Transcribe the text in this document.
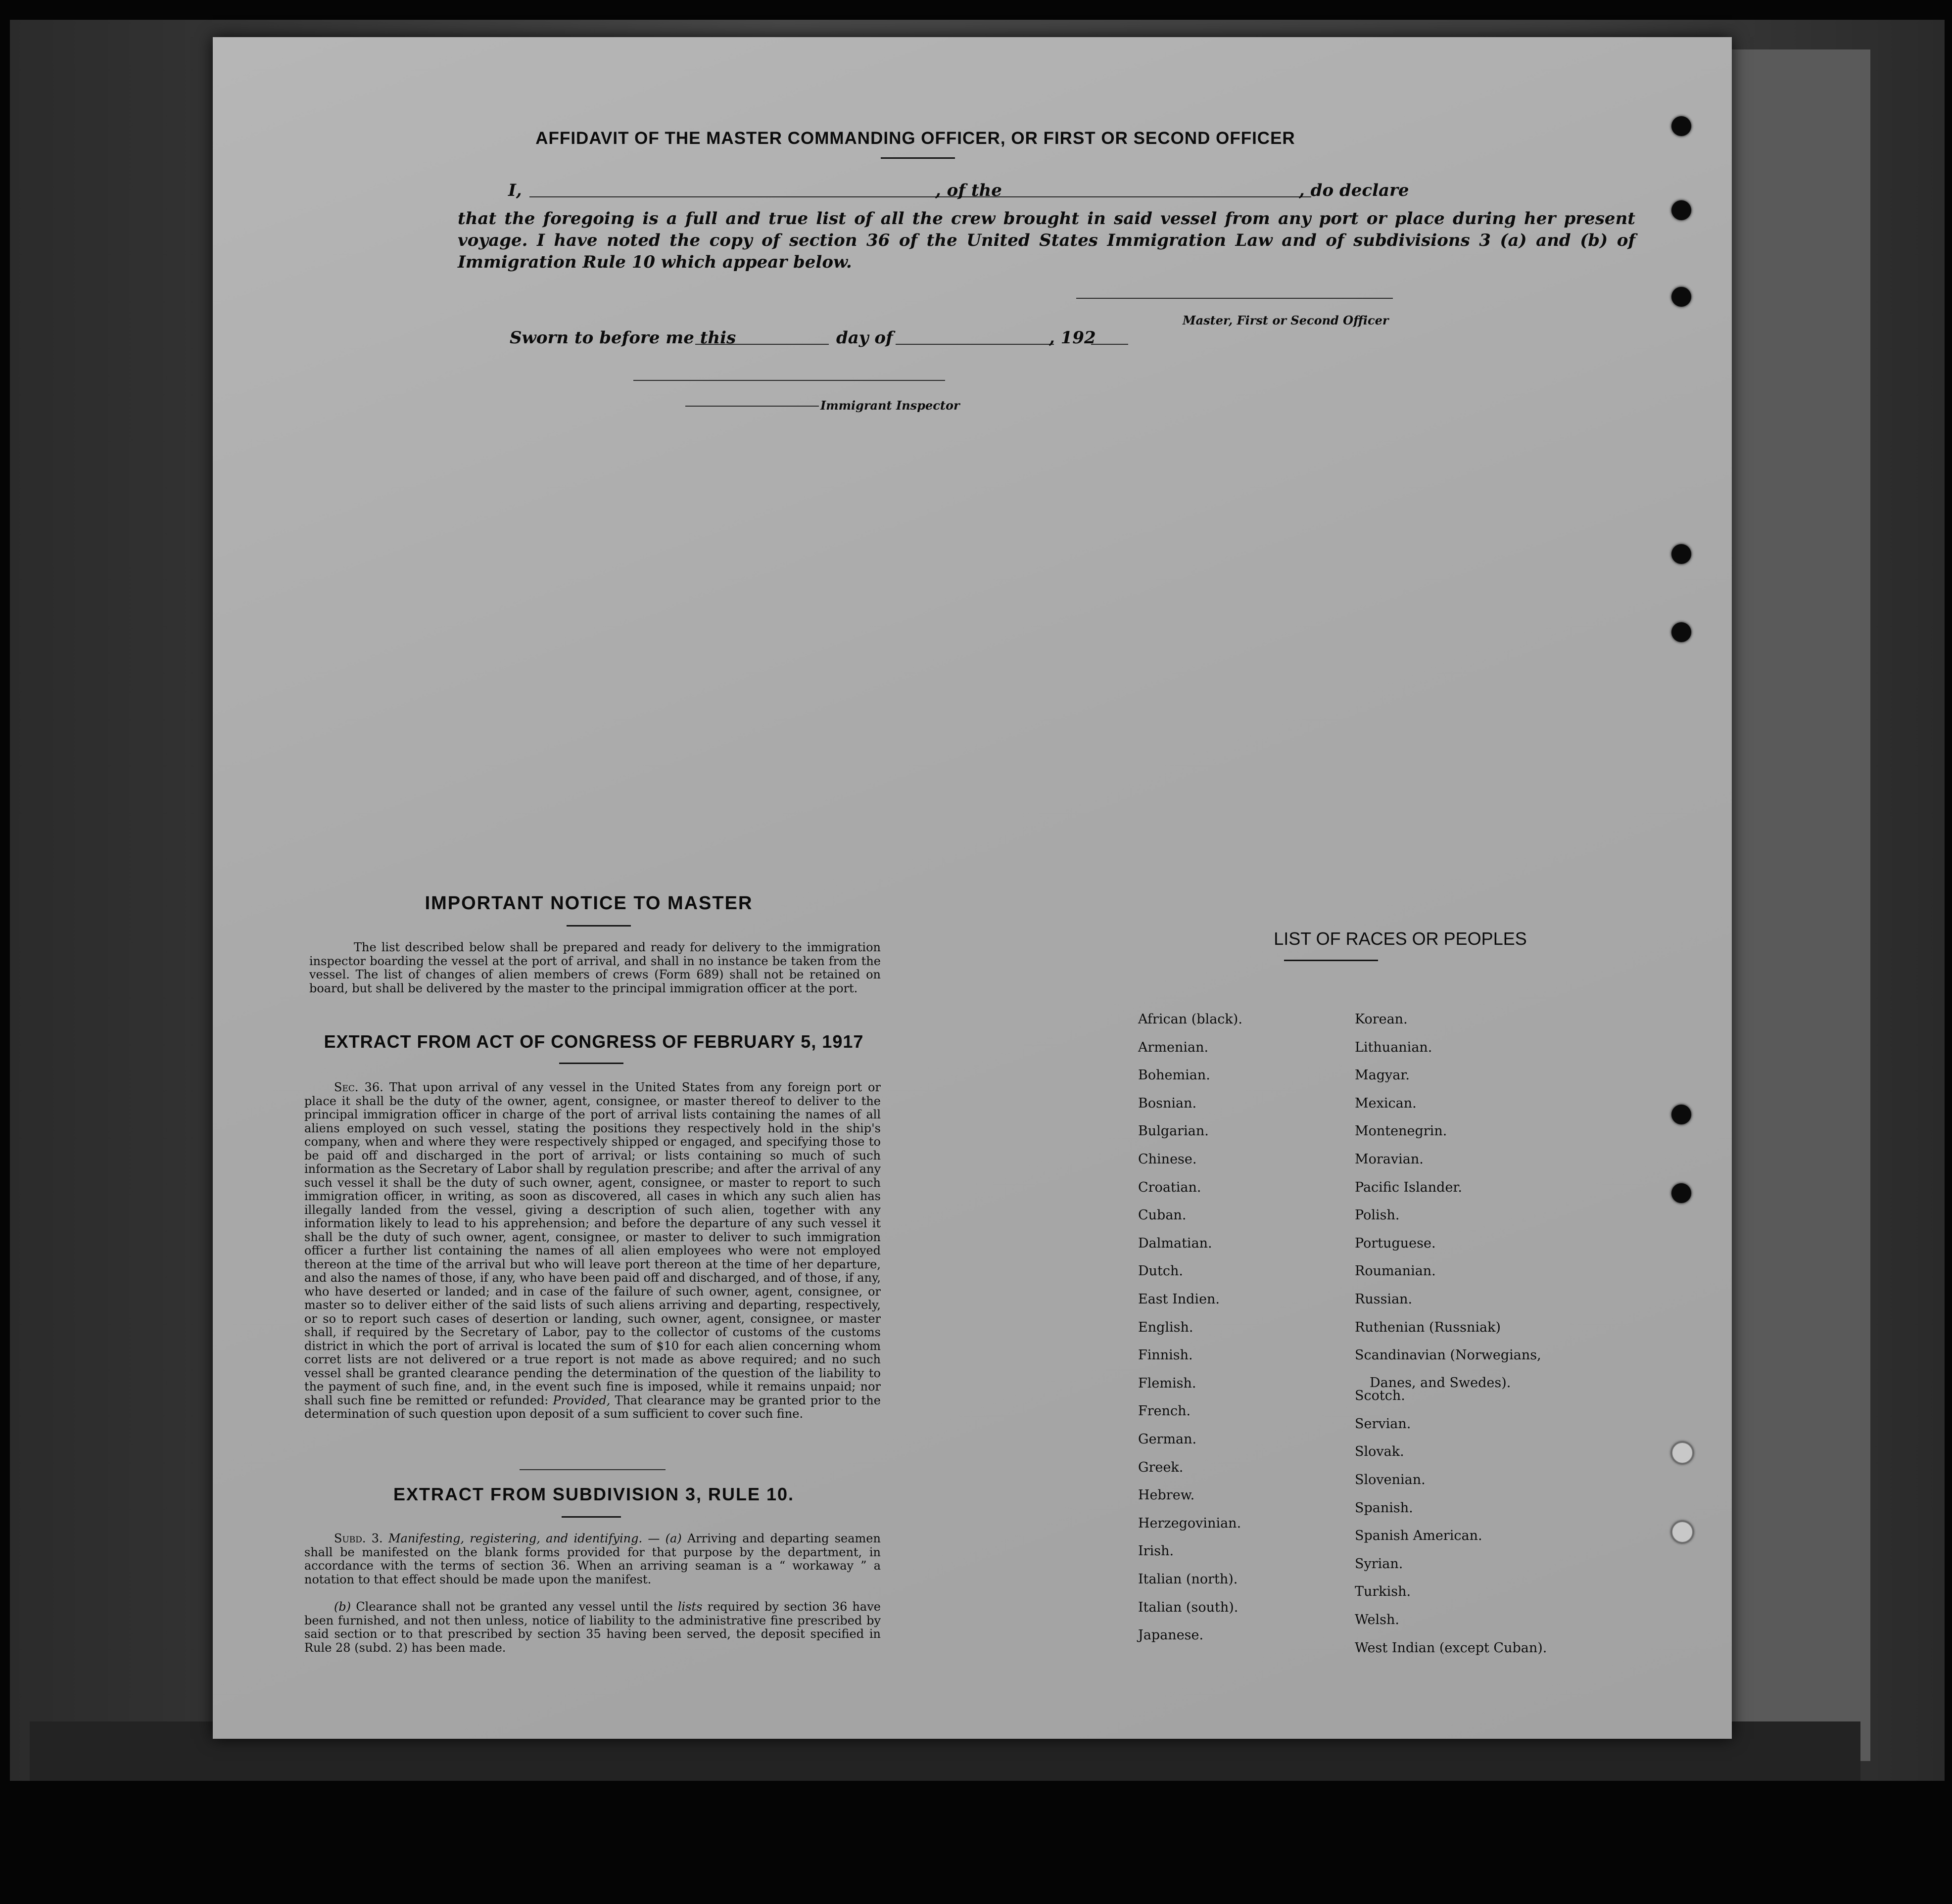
AFFIDAVIT OF THE MASTER COMMANDING OFFICER, OR FIRST OR SECOND OFFICER
I,	, of the	, do declare
that the foregoing is a full and true list of all the crew brought in said vessel from any port or place during her present voyage. I have noted the copy of section 36 of the United States Immigration Law and of subdivisions 3 (a) and (b) of Immigration Rule 10 which appear below.
Master, First or Second Officer
Sworn to before me this	day of	, 192
Immigrant Inspector
IMPORTANT NOTICE TO MASTER
The list described below shall be prepared and ready for delivery to the immigration inspector boarding the vessel at the port of arrival, and shall in no instance be taken from the vessel. The list of changes of alien members of crews (Form 689) shall not be retained on board, but shall be delivered by the master to the principal immigration officer at the port.
EXTRACT FROM ACT OF CONGRESS OF FEBRUARY 5, 1917
Sec. 36. That upon arrival of any vessel in the United States from any foreign port or place it shall be the duty of the owner, agent, consignee, or master thereof to deliver to the principal immigration officer in charge of the port of arrival lists containing the names of all aliens employed on such vessel, stating the positions they respectively hold in the ship's company, when and where they were respectively shipped or engaged, and specifying those to be paid off and discharged in the port of arrival; or lists containing so much of such information as the Secretary of Labor shall by regulation prescribe; and after the arrival of any such vessel it shall be the duty of such owner, agent, consignee, or master to report to such immigration officer, in writing, as soon as discovered, all cases in which any such alien has illegally landed from the vessel, giving a description of such alien, together with any information likely to lead to his apprehension; and before the departure of any such vessel it shall be the duty of such owner, agent, consignee, or master to deliver to such immigration officer a further list containing the names of all alien employees who were not employed thereon at the time of the arrival but who will leave port thereon at the time of her departure, and also the names of those, if any, who have been paid off and discharged, and of those, if any, who have deserted or landed; and in case of the failure of such owner, agent, consignee, or master so to deliver either of the said lists of such aliens arriving and departing, respectively, or so to report such cases of desertion or landing, such owner, agent, consignee, or master shall, if required by the Secretary of Labor, pay to the collector of customs of the customs district in which the port of arrival is located the sum of $10 for each alien concerning whom corret lists are not delivered or a true report is not made as above required; and no such vessel shall be granted clearance pending the determination of the question of the liability to the payment of such fine, and, in the event such fine is imposed, while it remains unpaid; nor shall such fine be remitted or refunded: Provided, That clearance may be granted prior to the determination of such question upon deposit of a sum sufficient to cover such fine.
EXTRACT FROM SUBDIVISION 3, RULE 10.
Subd. 3. Manifesting, registering, and identifying. — (a) Arriving and departing seamen shall be manifested on the blank forms provided for that purpose by the department, in accordance with the terms of section 36. When an arriving seaman is a “ workaway ” a notation to that effect should be made upon the manifest.
(b) Clearance shall not be granted any vessel until the lists required by section 36 have been furnished, and not then unless, notice of liability to the administrative fine prescribed by said section or to that prescribed by section 35 having been served, the deposit specified in Rule 28 (subd. 2) has been made.
LIST OF RACES OR PEOPLES
African (black).
Armenian.
Bohemian.
Bosnian.
Bulgarian.
Chinese.
Croatian.
Cuban.
Dalmatian.
Dutch.
East Indien.
English.
Finnish.
Flemish.
French.
German.
Greek.
Hebrew.
Herzegovinian.
Irish.
Italian (north).
Italian (south).
Japanese.
Korean.
Lithuanian.
Magyar.
Mexican.
Montenegrin.
Moravian.
Pacific Islander.
Polish.
Portuguese.
Roumanian.
Russian.
Ruthenian (Russniak)
Scandinavian (Norwegians,
Danes, and Swedes).
Scotch.
Servian.
Slovak.
Slovenian.
Spanish.
Spanish American.
Syrian.
Turkish.
Welsh.
West Indian (except Cuban).
